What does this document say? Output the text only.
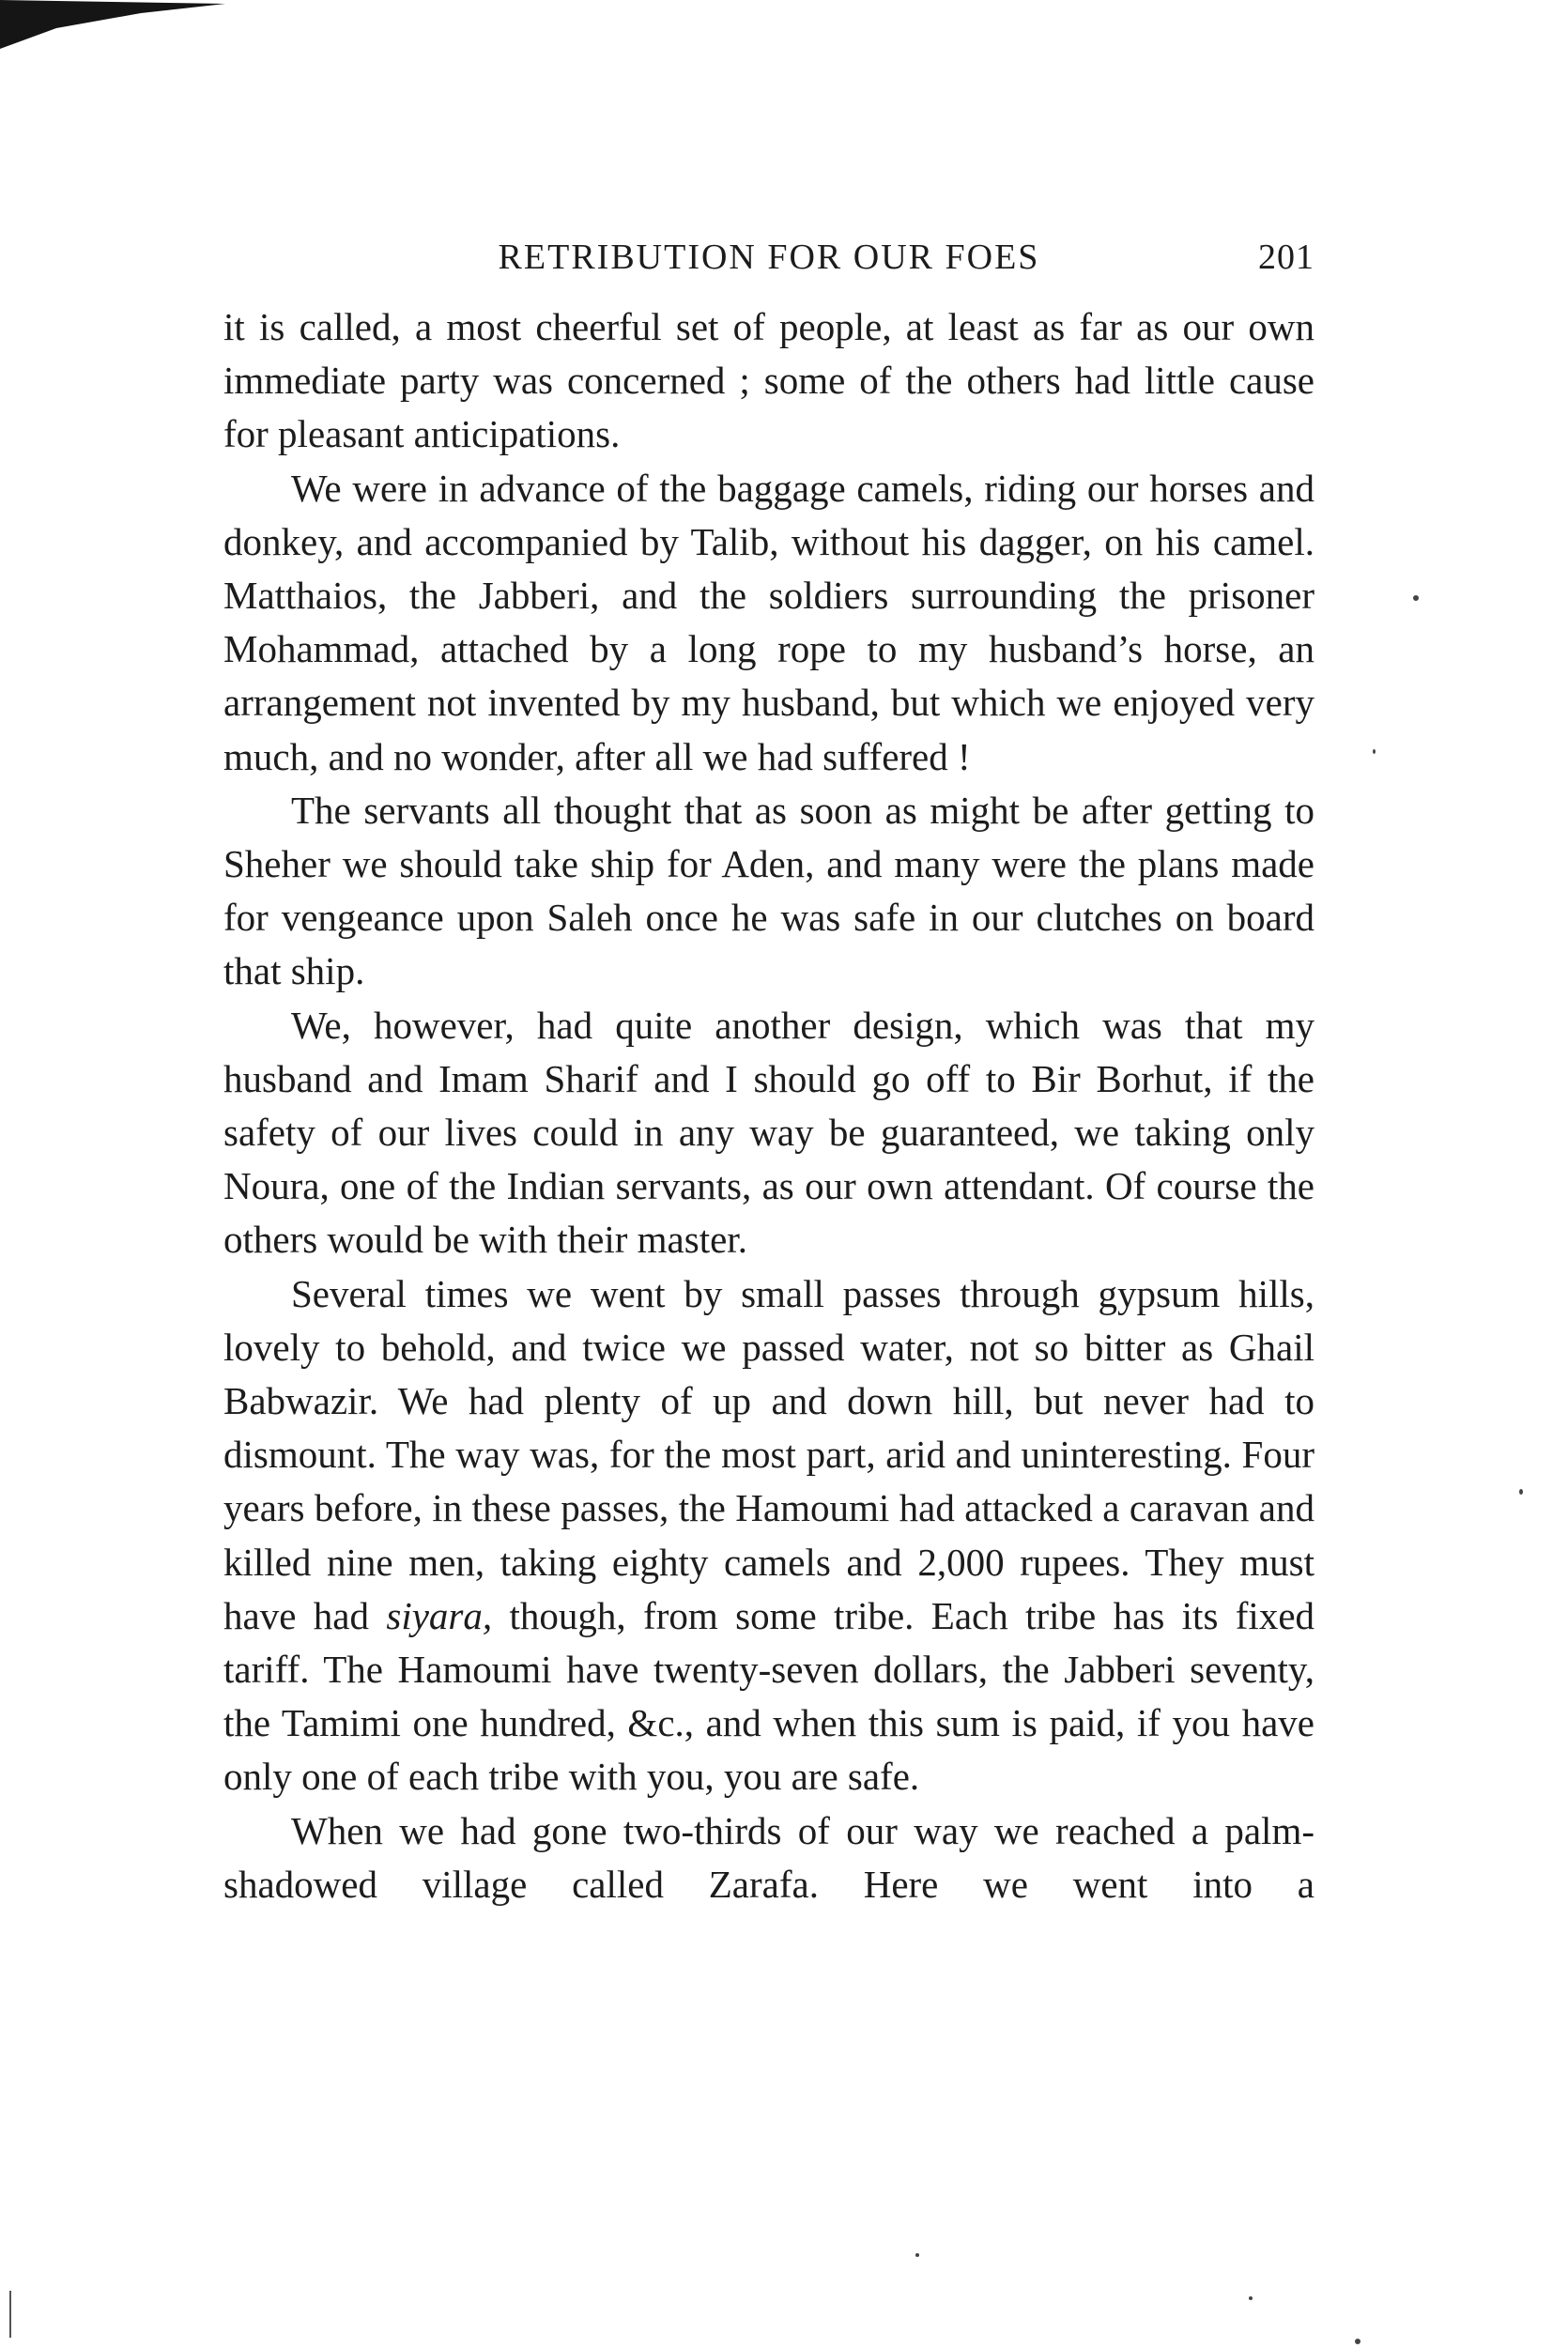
RETRIBUTION FOR OUR FOES	201

it is called, a most cheerful set of people, at least as far as our own immediate party was concerned ; some of the others had little cause for pleasant anticipations.

We were in advance of the baggage camels, riding our horses and donkey, and accompanied by Talib, without his dagger, on his camel. Matthaios, the Jabberi, and the soldiers surrounding the prisoner Mohammad, attached by a long rope to my husband’s horse, an arrangement not invented by my husband, but which we enjoyed very much, and no wonder, after all we had suffered !

The servants all thought that as soon as might be after getting to Sheher we should take ship for Aden, and many were the plans made for vengeance upon Saleh once he was safe in our clutches on board that ship.

We, however, had quite another design, which was that my husband and Imam Sharif and I should go off to Bir Borhut, if the safety of our lives could in any way be guaranteed, we taking only Noura, one of the Indian servants, as our own attendant. Of course the others would be with their master.

Several times we went by small passes through gypsum hills, lovely to behold, and twice we passed water, not so bitter as Ghail Babwazir. We had plenty of up and down hill, but never had to dismount. The way was, for the most part, arid and uninteresting. Four years before, in these passes, the Hamoumi had attacked a caravan and killed nine men, taking eighty camels and 2,000 rupees. They must have had siyara, though, from some tribe. Each tribe has its fixed tariff. The Hamoumi have twenty-seven dollars, the Jabberi seventy, the Tamimi one hundred, &c., and when this sum is paid, if you have only one of each tribe with you, you are safe.

When we had gone two-thirds of our way we reached a palm-shadowed village called Zarafa. Here we went into a
